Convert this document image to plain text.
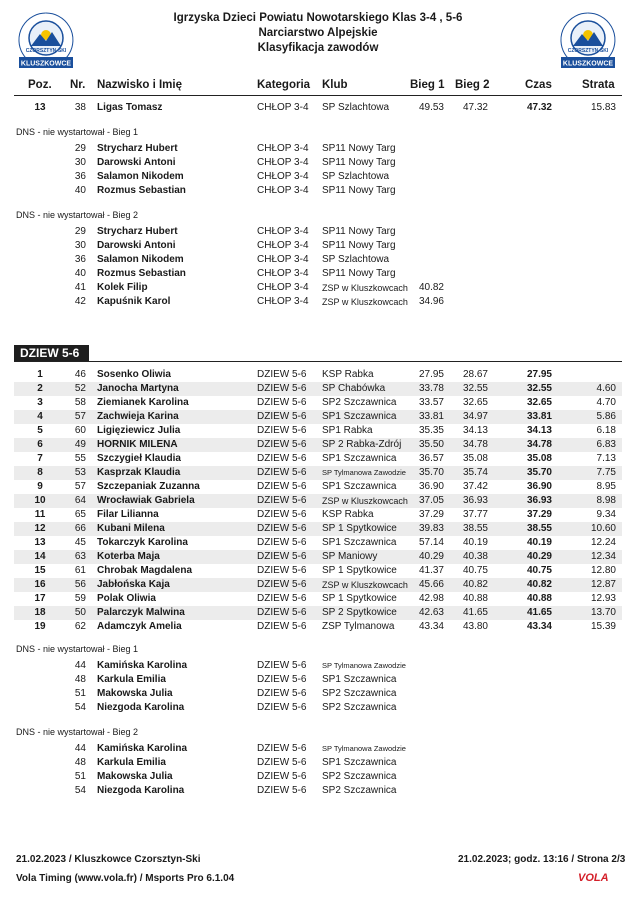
CZORSZTYN-SKI
KLUSZKOWCE
CZORSZTYN-SKI
KLUSZKOWCE
Igrzyska Dzieci Powiatu Nowotarskiego Klas 3-4 , 5-6
Narciarstwo Alpejskie
Klasyfikacja zawodów
Poz. Nr. Nazwisko i Imię	Kategoria Klub	Bieg 1 Bieg 2	Czas	Strata
13	38 Ligas Tomasz	CHŁOP 3-4 SP Szlachtowa	49.53	47.32	47.32	15.83
DNS - nie wystartował - Bieg 1
29 Strycharz Hubert	CHŁOP 3-4 SP11 Nowy Targ
30 Darowski Antoni	CHŁOP 3-4 SP11 Nowy Targ
36 Salamon Nikodem	CHŁOP 3-4 SP Szlachtowa
40 Rozmus Sebastian	CHŁOP 3-4 SP11 Nowy Targ
DNS - nie wystartował - Bieg 2
29 Strycharz Hubert	CHŁOP 3-4 SP11 Nowy Targ
30 Darowski Antoni	CHŁOP 3-4 SP11 Nowy Targ
36 Salamon Nikodem	CHŁOP 3-4 SP Szlachtowa
40 Rozmus Sebastian	CHŁOP 3-4 SP11 Nowy Targ
41 Kolek Filip	CHŁOP 3-4 ZSP w Kluszkowcach	40.82
42 Kapuśnik Karol	CHŁOP 3-4 ZSP w Kluszkowcach	34.96
DZIEW 5-6
1	46 Sosenko Oliwia	DZIEW 5-6 KSP Rabka	27.95	28.67	27.95
2	52 Janocha Martyna	DZIEW 5-6 SP Chabówka	33.78	32.55	32.55	4.60
3	58 Ziemianek Karolina	DZIEW 5-6 SP2 Szczawnica	33.57	32.65	32.65	4.70
4	57 Zachwieja Karina	DZIEW 5-6 SP1 Szczawnica	33.81	34.97	33.81	5.86
5	60 Ligięziewicz Julia	DZIEW 5-6 SP1 Rabka	35.35	34.13	34.13	6.18
6	49 HORNIK MILENA	DZIEW 5-6 SP 2 Rabka-Zdrój	35.50	34.78	34.78	6.83
7	55 Szczygieł Klaudia	DZIEW 5-6 SP1 Szczawnica	36.57	35.08	35.08	7.13
8	53 Kasprzak Klaudia	DZIEW 5-6 SP Tylmanowa Zawodzie	35.70	35.74	35.70	7.75
9	57 Szczepaniak Zuzanna	DZIEW 5-6 SP1 Szczawnica	36.90	37.42	36.90	8.95
10	64 Wrocławiak Gabriela	DZIEW 5-6 ZSP w Kluszkowcach	37.05	36.93	36.93	8.98
11	65 Filar Lilianna	DZIEW 5-6 KSP Rabka	37.29	37.77	37.29	9.34
12	66 Kubani Milena	DZIEW 5-6 SP 1 Spytkowice	39.83	38.55	38.55	10.60
13	45 Tokarczyk Karolina	DZIEW 5-6 SP1 Szczawnica	57.14	40.19	40.19	12.24
14	63 Koterba Maja	DZIEW 5-6 SP Maniowy	40.29	40.38	40.29	12.34
15	61 Chrobak Magdalena	DZIEW 5-6 SP 1 Spytkowice	41.37	40.75	40.75	12.80
16	56 Jabłońska Kaja	DZIEW 5-6 ZSP w Kluszkowcach	45.66	40.82	40.82	12.87
17	59 Polak Oliwia	DZIEW 5-6 SP 1 Spytkowice	42.98	40.88	40.88	12.93
18	50 Palarczyk Malwina	DZIEW 5-6 SP 2 Spytkowice	42.63	41.65	41.65	13.70
19	62 Adamczyk Amelia	DZIEW 5-6 ZSP Tylmanowa	43.34	43.80	43.34	15.39
DNS - nie wystartował - Bieg 1
44 Kamińska Karolina	DZIEW 5-6 SP Tylmanowa Zawodzie
48 Karkula Emilia	DZIEW 5-6 SP1 Szczawnica
51 Makowska Julia	DZIEW 5-6 SP2 Szczawnica
54 Niezgoda Karolina	DZIEW 5-6 SP2 Szczawnica
DNS - nie wystartował - Bieg 2
44 Kamińska Karolina	DZIEW 5-6 SP Tylmanowa Zawodzie
48 Karkula Emilia	DZIEW 5-6 SP1 Szczawnica
51 Makowska Julia	DZIEW 5-6 SP2 Szczawnica
54 Niezgoda Karolina	DZIEW 5-6 SP2 Szczawnica
21.02.2023 / Kluszkowce Czorsztyn-Ski	21.02.2023; godz. 13:16 / Strona 2/3
Vola Timing (www.vola.fr) / Msports Pro 6.1.04	VOLA
